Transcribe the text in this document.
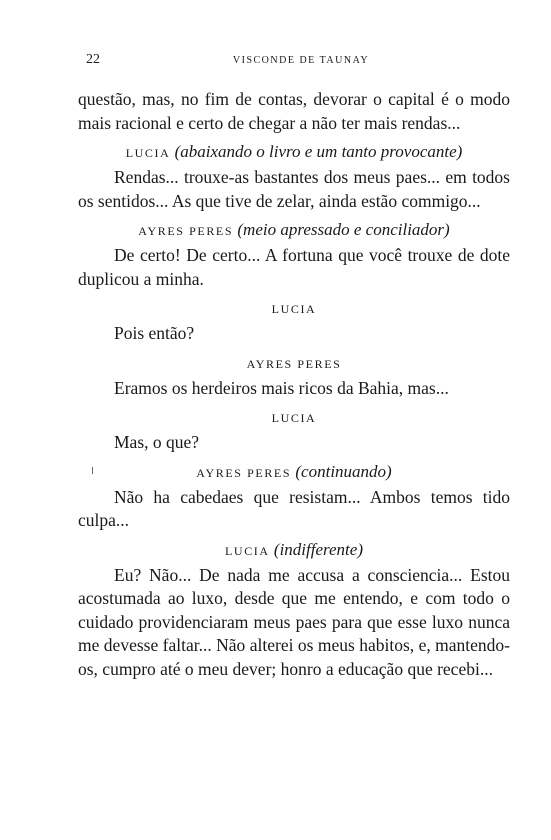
22	VISCONDE DE TAUNAY

questão, mas, no fim de contas, devorar o capital é o modo mais racional e certo de chegar a não ter mais rendas...

LUCIA (abaixando o livro e um tanto provocante)

Rendas... trouxe-as bastantes dos meus paes... em todos os sentidos... As que tive de zelar, ainda estão commigo...

AYRES PERES (meio apressado e conciliador)

De certo! De certo... A fortuna que você trouxe de dote duplicou a minha.

LUCIA

Pois então?

AYRES PERES

Eramos os herdeiros mais ricos da Bahia, mas...

LUCIA

Mas, o que?

AYRES PERES (continuando)

Não ha cabedaes que resistam... Ambos temos tido culpa...

LUCIA (indifferente)

Eu? Não... De nada me accusa a consciencia... Estou acostumada ao luxo, desde que me entendo, e com todo o cuidado providenciaram meus paes para que esse luxo nunca me devesse faltar... Não alterei os meus habitos, e, mantendo-os, cumpro até o meu dever; honro a educação que recebi...
